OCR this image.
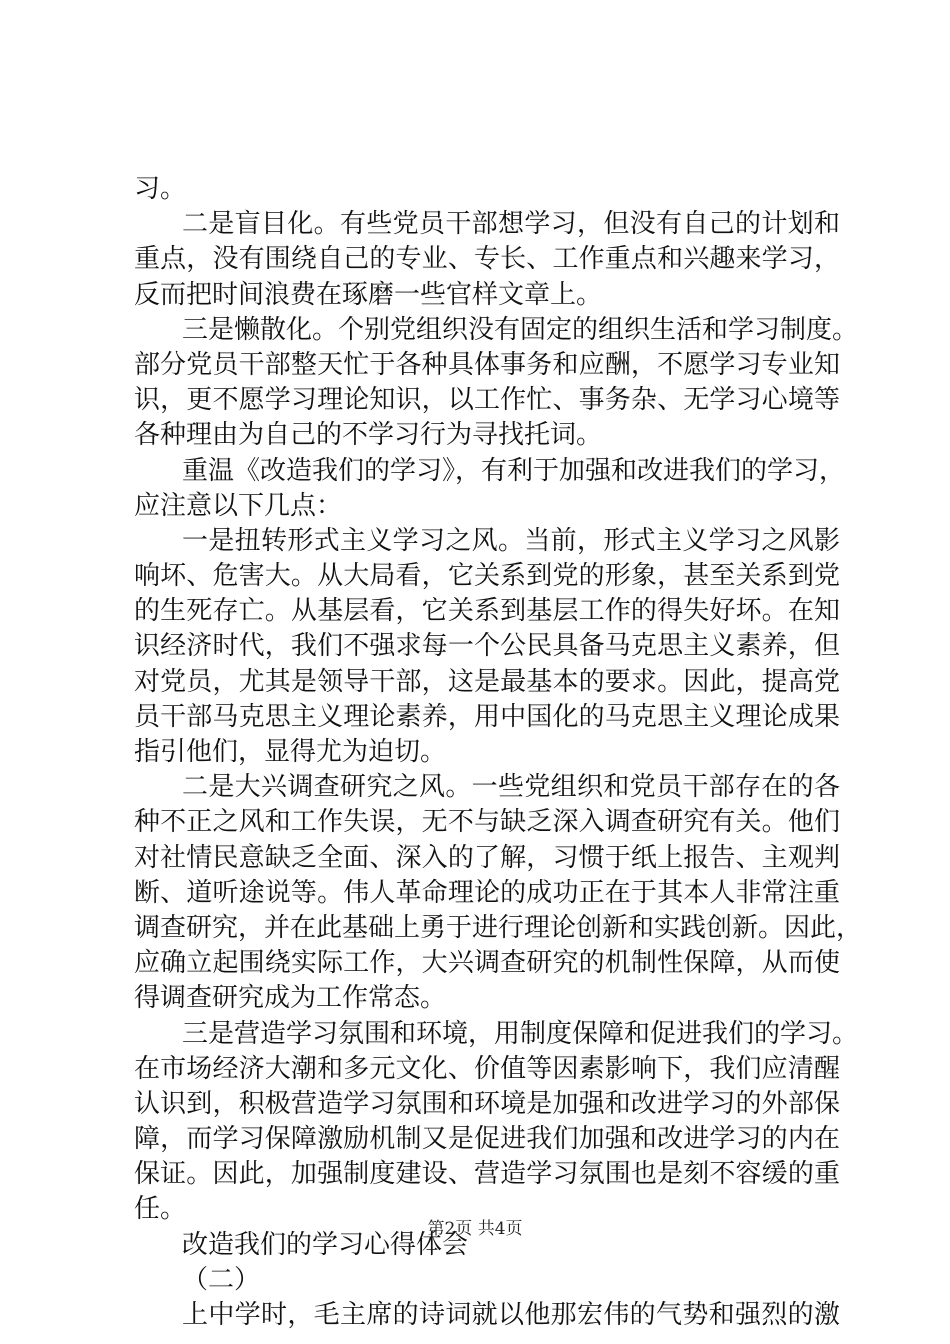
习。
二是盲目化。有些党员干部想学习，但没有自己的计划和
重点，没有围绕自己的专业、专长、工作重点和兴趣来学习，
反而把时间浪费在琢磨一些官样文章上。
三是懒散化。个别党组织没有固定的组织生活和学习制度。
部分党员干部整天忙于各种具体事务和应酬，不愿学习专业知
识，更不愿学习理论知识，以工作忙、事务杂、无学习心境等
各种理由为自己的不学习行为寻找托词。
重温《改造我们的学习》，有利于加强和改进我们的学习，
应注意以下几点：
一是扭转形式主义学习之风。当前，形式主义学习之风影
响坏、危害大。从大局看，它关系到党的形象，甚至关系到党
的生死存亡。从基层看，它关系到基层工作的得失好坏。在知
识经济时代，我们不强求每一个公民具备马克思主义素养，但
对党员，尤其是领导干部，这是最基本的要求。因此，提高党
员干部马克思主义理论素养，用中国化的马克思主义理论成果
指引他们，显得尤为迫切。
二是大兴调查研究之风。一些党组织和党员干部存在的各
种不正之风和工作失误，无不与缺乏深入调查研究有关。他们
对社情民意缺乏全面、深入的了解，习惯于纸上报告、主观判
断、道听途说等。伟人革命理论的成功正在于其本人非常注重
调查研究，并在此基础上勇于进行理论创新和实践创新。因此，
应确立起围绕实际工作，大兴调查研究的机制性保障，从而使
得调查研究成为工作常态。
三是营造学习氛围和环境，用制度保障和促进我们的学习。
在市场经济大潮和多元文化、价值等因素影响下，我们应清醒
认识到，积极营造学习氛围和环境是加强和改进学习的外部保
障，而学习保障激励机制又是促进我们加强和改进学习的内在
保证。因此，加强制度建设、营造学习氛围也是刻不容缓的重
任。
改造我们的学习心得体会
（二）
上中学时，毛主席的诗词就以他那宏伟的气势和强烈的激
第2页 共4页
